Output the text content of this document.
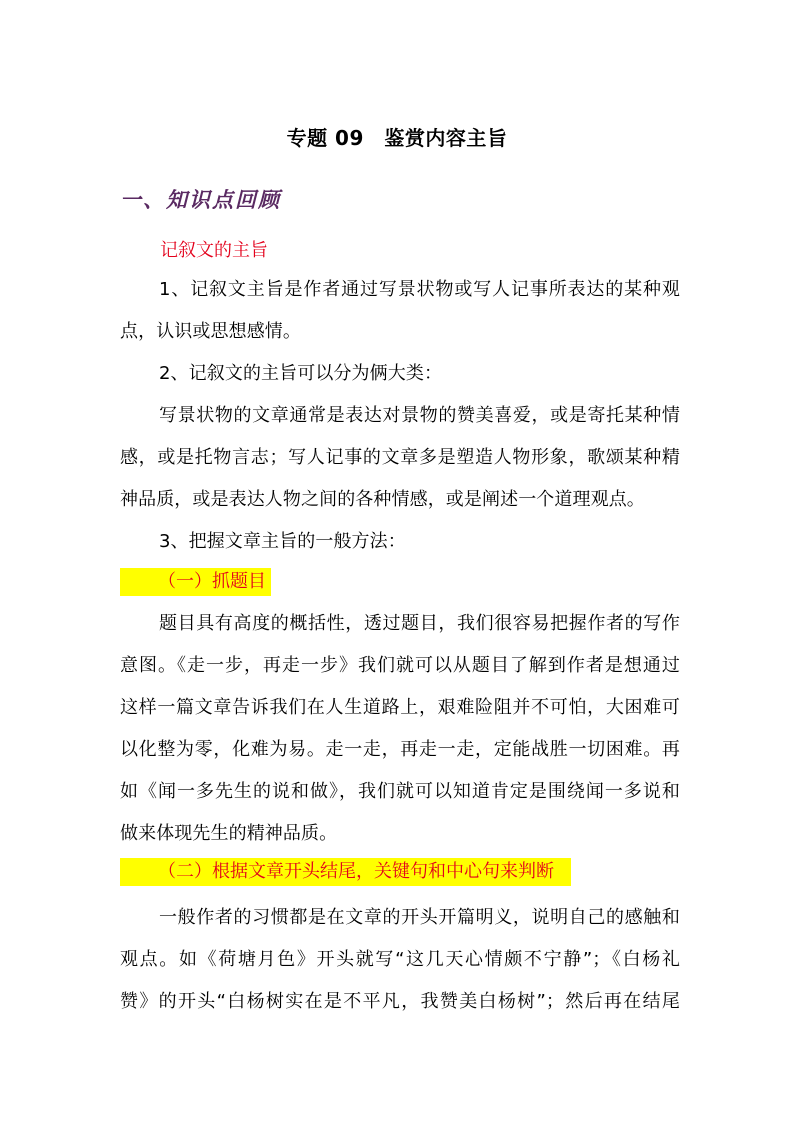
专题 09　鉴赏内容主旨
一、知识点回顾
记叙文的主旨
1、记叙文主旨是作者通过写景状物或写人记事所表达的某种观
点，认识或思想感情。
2、记叙文的主旨可以分为俩大类：
写景状物的文章通常是表达对景物的赞美喜爱，或是寄托某种情
感，或是托物言志；写人记事的文章多是塑造人物形象，歌颂某种精
神品质，或是表达人物之间的各种情感，或是阐述一个道理观点。
3、把握文章主旨的一般方法：
题目具有高度的概括性，透过题目，我们很容易把握作者的写作
意图。《走一步，再走一步》我们就可以从题目了解到作者是想通过
这样一篇文章告诉我们在人生道路上，艰难险阻并不可怕，大困难可
以化整为零，化难为易。走一走，再走一走，定能战胜一切困难。再
如《闻一多先生的说和做》，我们就可以知道肯定是围绕闻一多说和
做来体现先生的精神品质。
一般作者的习惯都是在文章的开头开篇明义，说明自己的感触和
观点。如《荷塘月色》开头就写“这几天心情颇不宁静”；《白杨礼
赞》的开头“白杨树实在是不平凡，我赞美白杨树”；然后再在结尾
（一）抓题目
（二）根据文章开头结尾，关键句和中心句来判断
